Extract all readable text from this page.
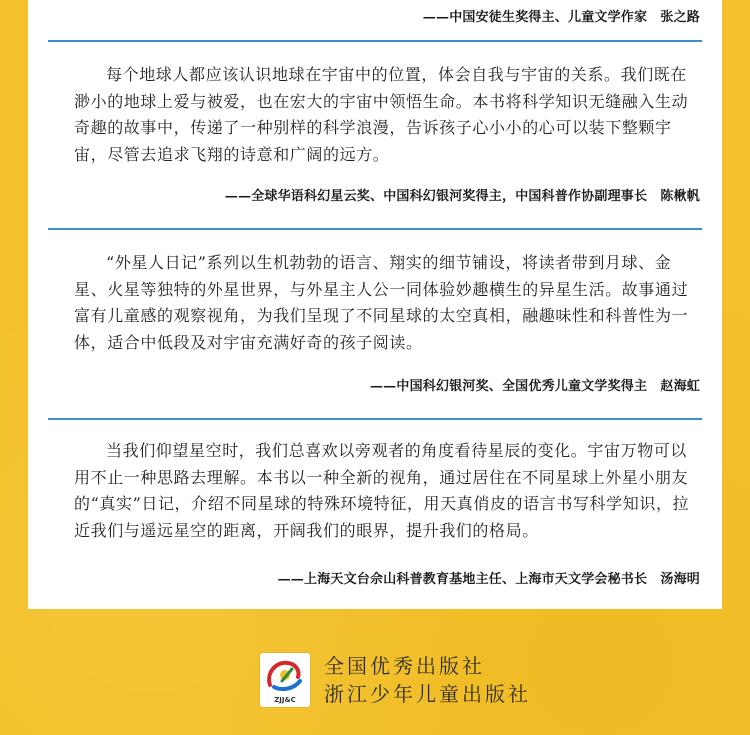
——中国安徒生奖得主、儿童文学作家　张之路

每个地球人都应该认识地球在宇宙中的位置，体会自我与宇宙的关系。我们既在渺小的地球上爱与被爱，也在宏大的宇宙中领悟生命。本书将科学知识无缝融入生动奇趣的故事中，传递了一种别样的科学浪漫，告诉孩子心小小的心可以装下整颗宇宙，尽管去追求飞翔的诗意和广阔的远方。

——全球华语科幻星云奖、中国科幻银河奖得主，中国科普作协副理事长　陈楸帆

“外星人日记”系列以生机勃勃的语言、翔实的细节铺设，将读者带到月球、金星、火星等独特的外星世界，与外星主人公一同体验妙趣横生的异星生活。故事通过富有儿童感的观察视角，为我们呈现了不同星球的太空真相，融趣味性和科普性为一体，适合中低段及对宇宙充满好奇的孩子阅读。

——中国科幻银河奖、全国优秀儿童文学奖得主　赵海虹

当我们仰望星空时，我们总喜欢以旁观者的角度看待星辰的变化。宇宙万物可以用不止一种思路去理解。本书以一种全新的视角，通过居住在不同星球上外星小朋友的“真实”日记，介绍不同星球的特殊环境特征，用天真俏皮的语言书写科学知识，拉近我们与遥远星空的距离，开阔我们的眼界，提升我们的格局。

——上海天文台佘山科普教育基地主任、上海市天文学会秘书长　汤海明
ZJJ&C
全国优秀出版社
浙江少年儿童出版社
